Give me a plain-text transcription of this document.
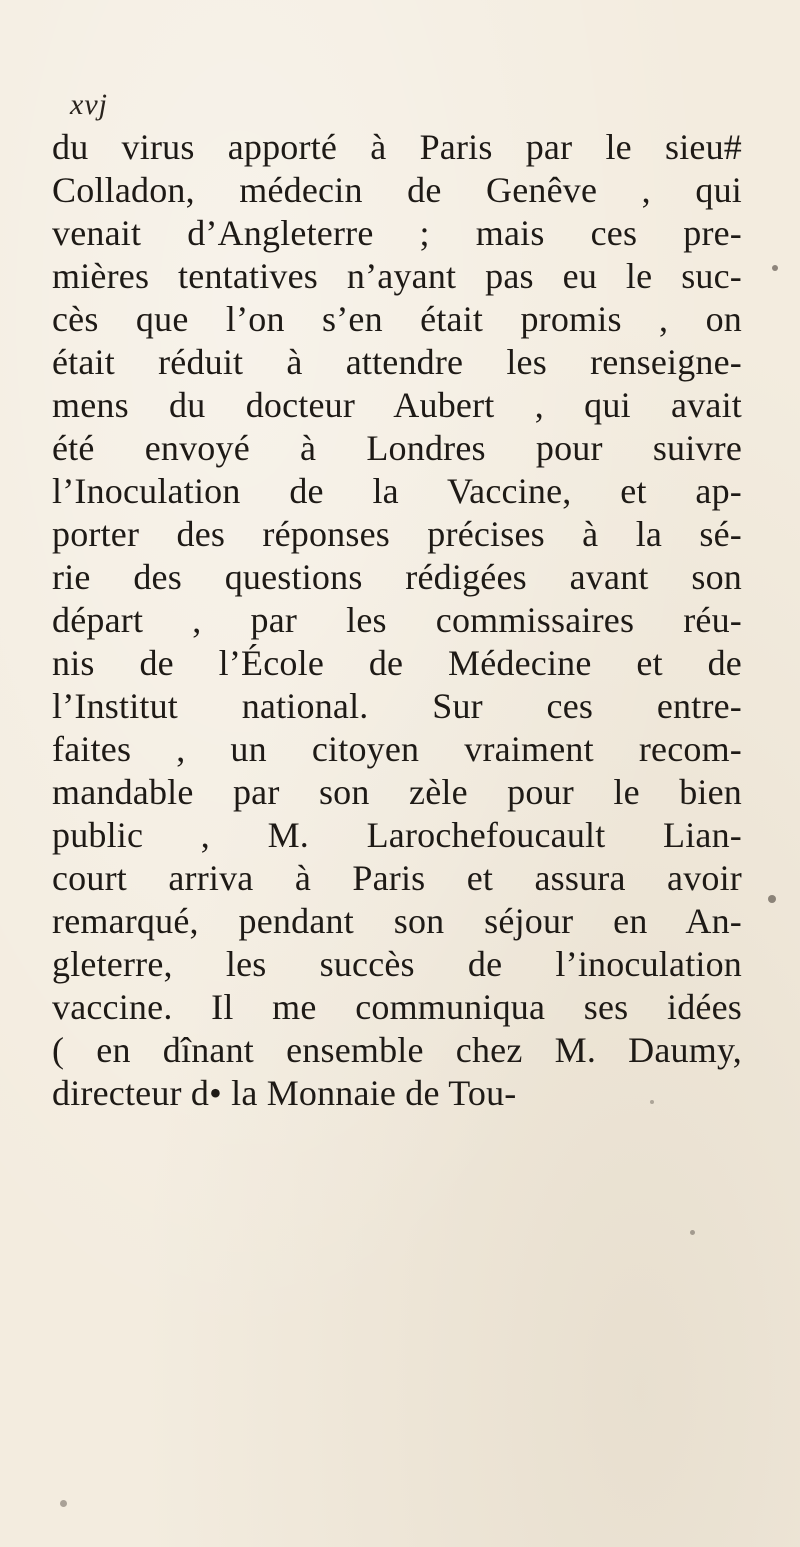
xvj
du virus apporté à Paris par le sieu#
Colladon, médecin de Genêve , qui
venait d’Angleterre ; mais ces pre-
mières tentatives n’ayant pas eu le suc-
cès que l’on s’en était promis , on
était réduit à attendre les renseigne-
mens du docteur Aubert , qui avait
été envoyé à Londres pour suivre
l’Inoculation de la Vaccine, et ap-
porter des réponses précises à la sé-
rie des questions rédigées avant son
départ , par les commissaires réu-
nis de l’École de Médecine et de
l’Institut national. Sur ces entre-
faites , un citoyen vraiment recom-
mandable par son zèle pour le bien
public , M. Larochefoucault Lian-
court arriva à Paris et assura avoir
remarqué, pendant son séjour en An-
gleterre, les succès de l’inoculation
vaccine. Il me communiqua ses idées
( en dînant ensemble chez M. Daumy,
directeur d• la Monnaie de Tou-
